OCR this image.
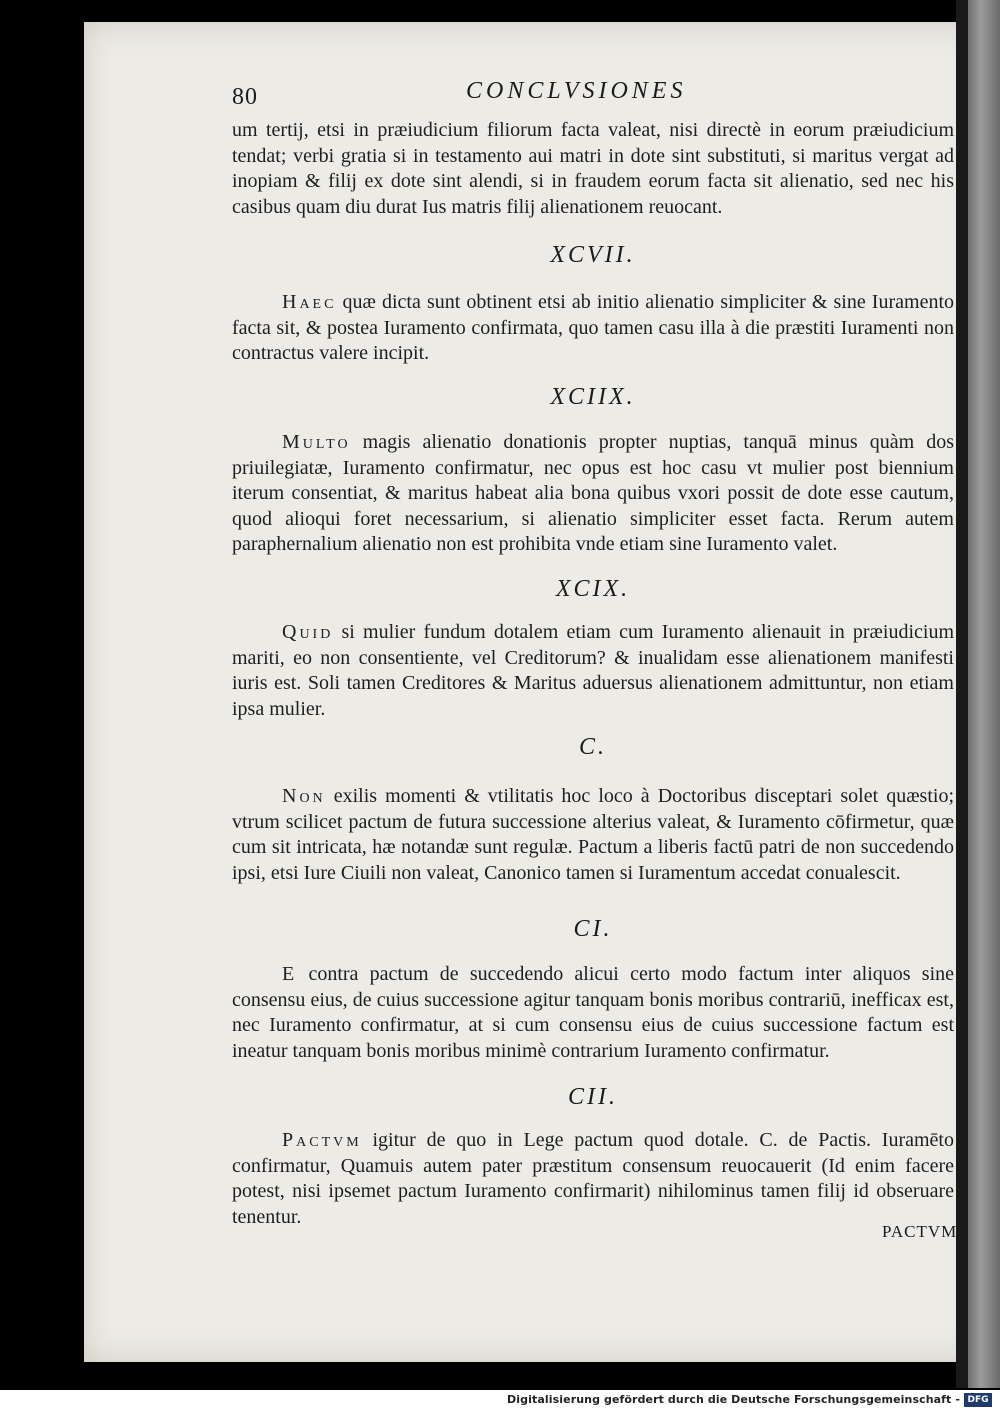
80	CONCLVSIONES
um tertij, etsi in præiudicium filiorum facta valeat, nisi directè in eorum præiudicium tendat; verbi gratia si in testamento aui matri in dote sint substituti, si maritus vergat ad inopiam & filij ex dote sint alendi, si in fraudem eorum facta sit alienatio, sed nec his casibus quam diu durat Ius matris filij alienationem reuocant.
XCVII.
Haec quæ dicta sunt obtinent etsi ab initio alienatio simpliciter & sine Iuramento facta sit, & postea Iuramento confirmata, quo tamen casu illa à die præstiti Iuramenti non contractus valere incipit.
XCIIX.
Multo magis alienatio donationis propter nuptias, tanquā minus quàm dos priuilegiatæ, Iuramento confirmatur, nec opus est hoc casu vt mulier post biennium iterum consentiat, & maritus habeat alia bona quibus vxori possit de dote esse cautum, quod alioqui foret necessarium, si alienatio simpliciter esset facta. Rerum autem paraphernalium alienatio non est prohibita vnde etiam sine Iuramento valet.
XCIX.
Quid si mulier fundum dotalem etiam cum Iuramento alienauit in præiudicium mariti, eo non consentiente, vel Creditorum? & inualidam esse alienationem manifesti iuris est. Soli tamen Creditores & Maritus aduersus alienationem admittuntur, non etiam ipsa mulier.
C.
Non exilis momenti & vtilitatis hoc loco à Doctoribus disceptari solet quæstio; vtrum scilicet pactum de futura successione alterius valeat, & Iuramento cōfirmetur, quæ cum sit intricata, hæ notandæ sunt regulæ. Pactum a liberis factū patri de non succedendo ipsi, etsi Iure Ciuili non valeat, Canonico tamen si Iuramentum accedat conualescit.
CI.
E contra pactum de succedendo alicui certo modo factum inter aliquos sine consensu eius, de cuius successione agitur tanquam bonis moribus contrariū, inefficax est, nec Iuramento confirmatur, at si cum consensu eius de cuius successione factum est ineatur tanquam bonis moribus minimè contrarium Iuramento confirmatur.
CII.
Pactvm igitur de quo in Lege pactum quod dotale. C. de Pactis. Iuramēto confirmatur, Quamuis autem pater præstitum consensum reuocauerit (Id enim facere potest, nisi ipsemet pactum Iuramento confirmarit) nihilominus tamen filij id obseruare tenentur.
PACTVM
Digitalisierung gefördert durch die Deutsche Forschungsgemeinschaft - DFG
